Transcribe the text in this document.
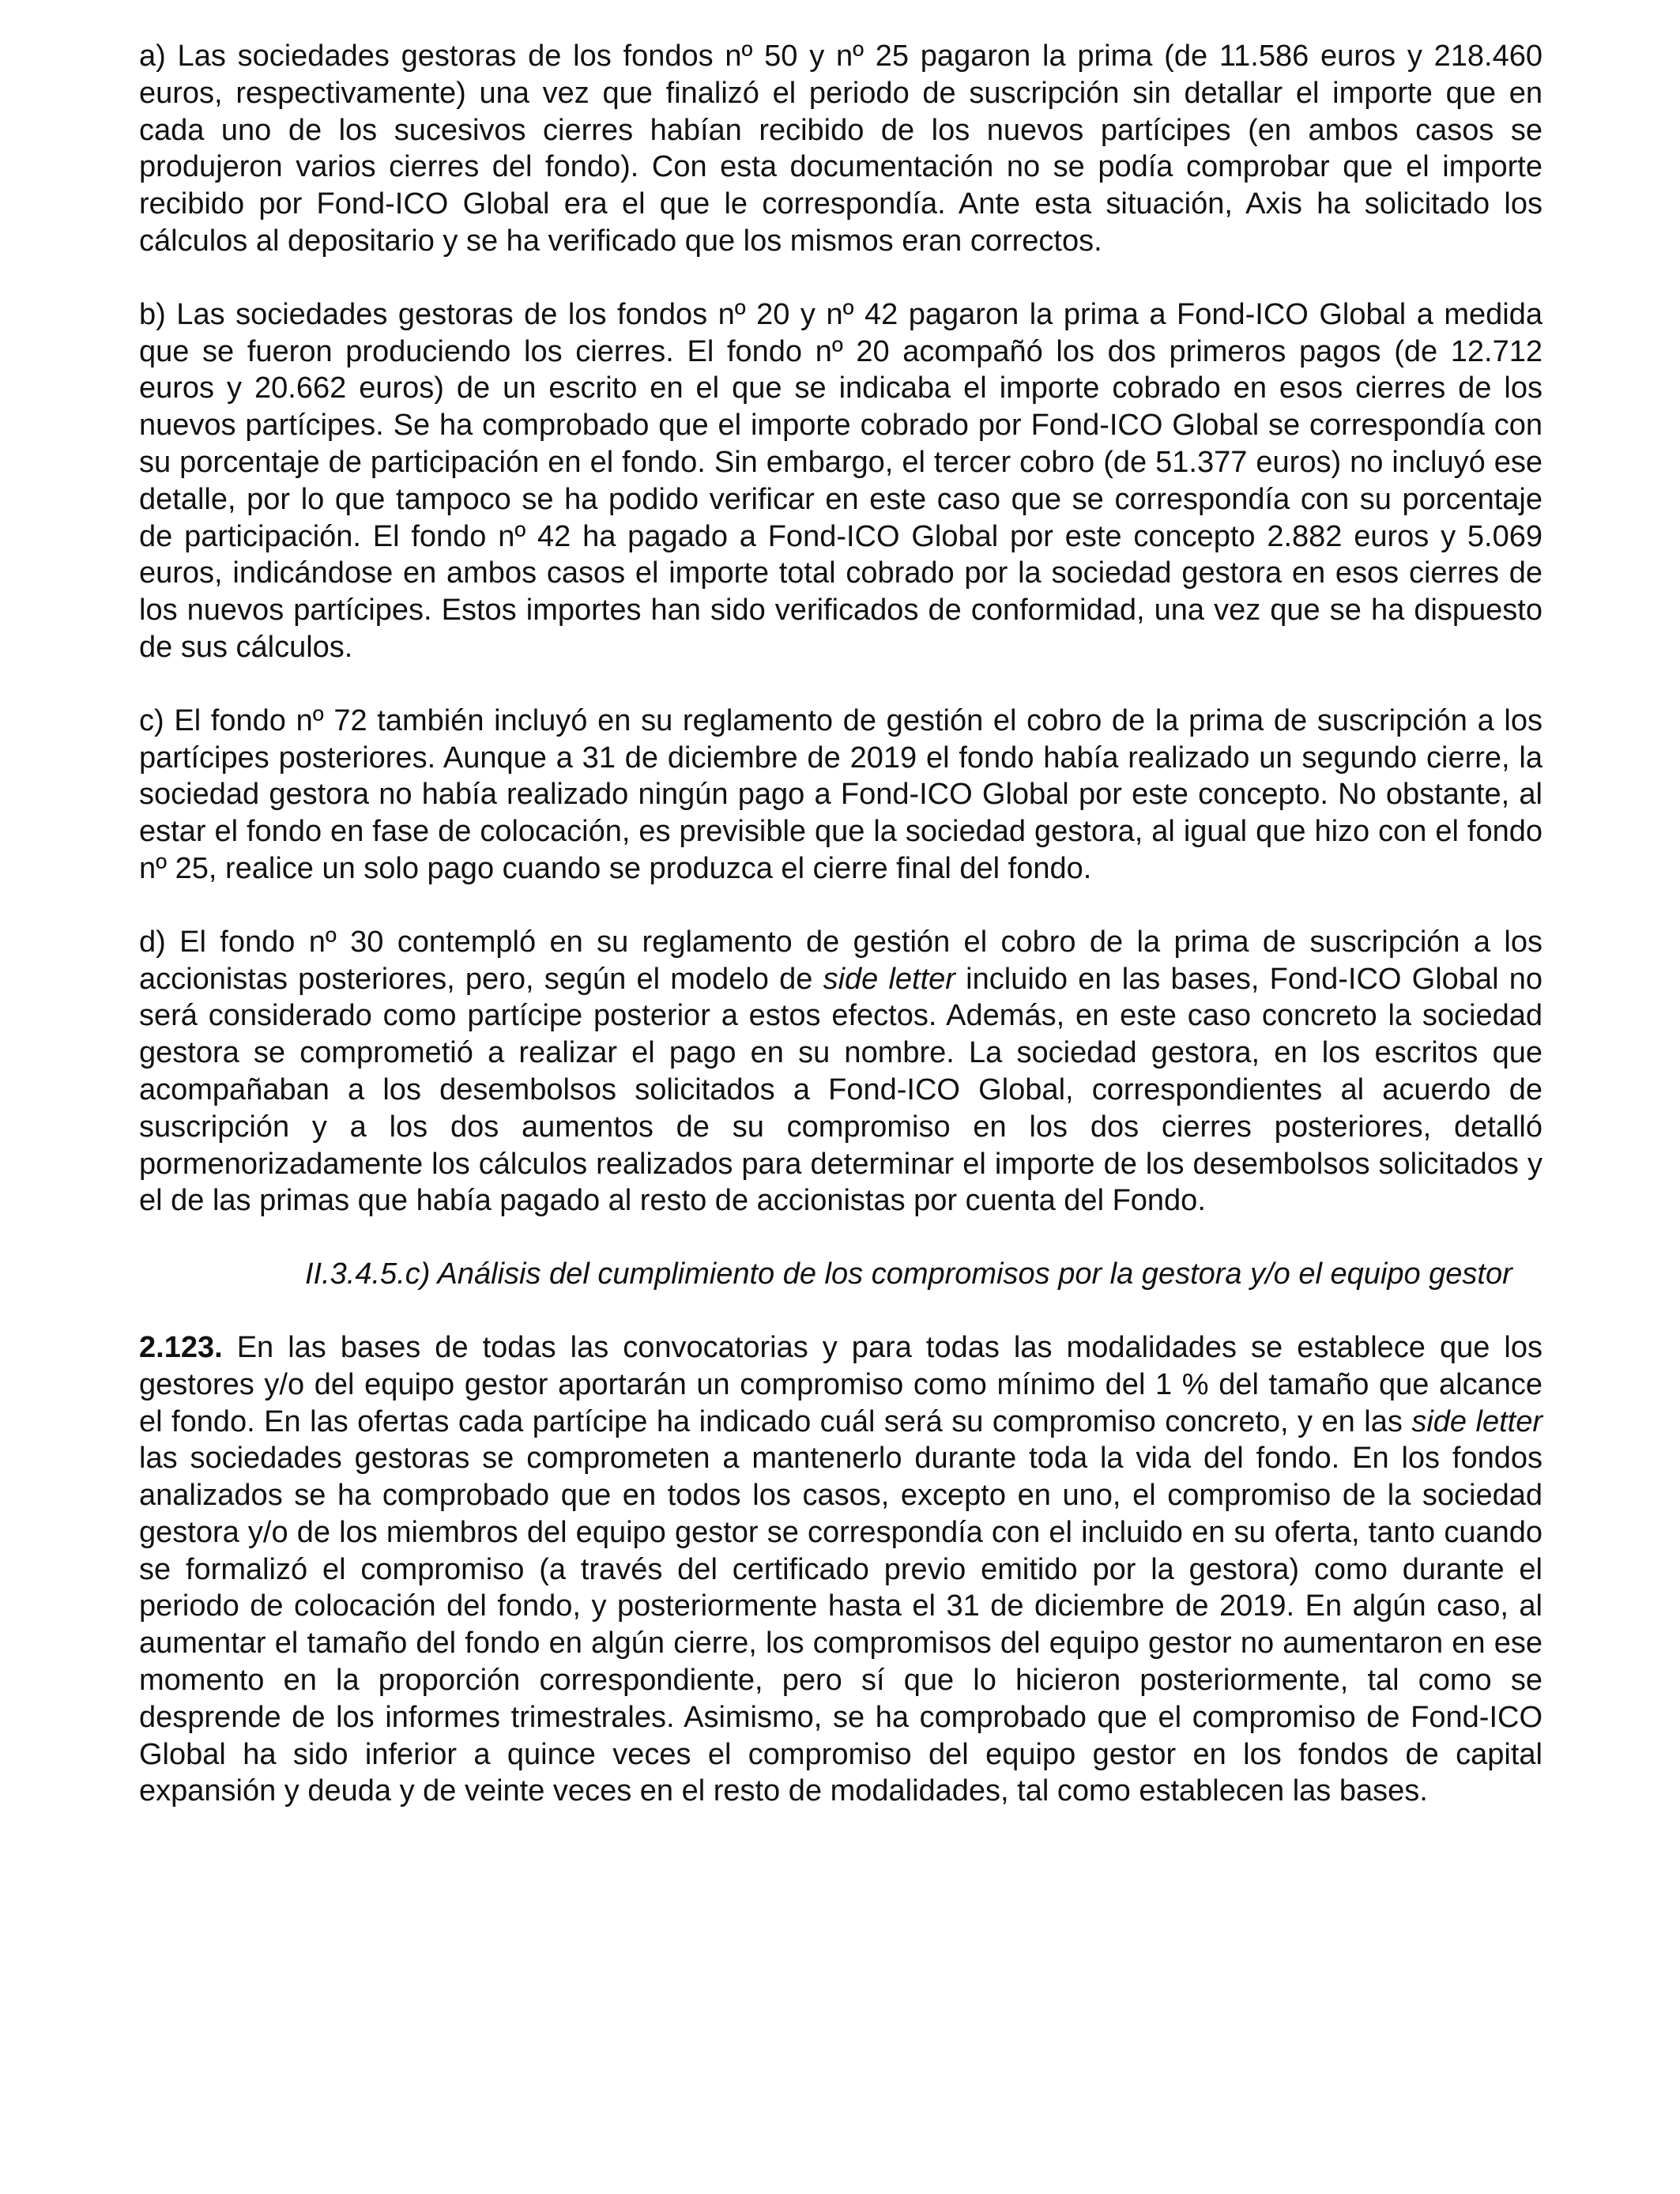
a) Las sociedades gestoras de los fondos nº 50 y nº 25 pagaron la prima (de 11.586 euros y 218.460 euros, respectivamente) una vez que finalizó el periodo de suscripción sin detallar el importe que en cada uno de los sucesivos cierres habían recibido de los nuevos partícipes (en ambos casos se produjeron varios cierres del fondo). Con esta documentación no se podía comprobar que el importe recibido por Fond-ICO Global era el que le correspondía. Ante esta situación, Axis ha solicitado los cálculos al depositario y se ha verificado que los mismos eran correctos.

b) Las sociedades gestoras de los fondos nº 20 y nº 42 pagaron la prima a Fond-ICO Global a medida que se fueron produciendo los cierres. El fondo nº 20 acompañó los dos primeros pagos (de 12.712 euros y 20.662 euros) de un escrito en el que se indicaba el importe cobrado en esos cierres de los nuevos partícipes. Se ha comprobado que el importe cobrado por Fond-ICO Global se correspondía con su porcentaje de participación en el fondo. Sin embargo, el tercer cobro (de 51.377 euros) no incluyó ese detalle, por lo que tampoco se ha podido verificar en este caso que se correspondía con su porcentaje de participación. El fondo nº 42 ha pagado a Fond-ICO Global por este concepto 2.882 euros y 5.069 euros, indicándose en ambos casos el importe total cobrado por la sociedad gestora en esos cierres de los nuevos partícipes. Estos importes han sido verificados de conformidad, una vez que se ha dispuesto de sus cálculos.

c) El fondo nº 72 también incluyó en su reglamento de gestión el cobro de la prima de suscripción a los partícipes posteriores. Aunque a 31 de diciembre de 2019 el fondo había realizado un segundo cierre, la sociedad gestora no había realizado ningún pago a Fond-ICO Global por este concepto. No obstante, al estar el fondo en fase de colocación, es previsible que la sociedad gestora, al igual que hizo con el fondo nº 25, realice un solo pago cuando se produzca el cierre final del fondo.

d) El fondo nº 30 contempló en su reglamento de gestión el cobro de la prima de suscripción a los accionistas posteriores, pero, según el modelo de side letter incluido en las bases, Fond-ICO Global no será considerado como partícipe posterior a estos efectos. Además, en este caso concreto la sociedad gestora se comprometió a realizar el pago en su nombre. La sociedad gestora, en los escritos que acompañaban a los desembolsos solicitados a Fond-ICO Global, correspondientes al acuerdo de suscripción y a los dos aumentos de su compromiso en los dos cierres posteriores, detalló pormenorizadamente los cálculos realizados para determinar el importe de los desembolsos solicitados y el de las primas que había pagado al resto de accionistas por cuenta del Fondo.

II.3.4.5.c) Análisis del cumplimiento de los compromisos por la gestora y/o el equipo gestor

2.123. En las bases de todas las convocatorias y para todas las modalidades se establece que los gestores y/o del equipo gestor aportarán un compromiso como mínimo del 1 % del tamaño que alcance el fondo. En las ofertas cada partícipe ha indicado cuál será su compromiso concreto, y en las side letter las sociedades gestoras se comprometen a mantenerlo durante toda la vida del fondo. En los fondos analizados se ha comprobado que en todos los casos, excepto en uno, el compromiso de la sociedad gestora y/o de los miembros del equipo gestor se correspondía con el incluido en su oferta, tanto cuando se formalizó el compromiso (a través del certificado previo emitido por la gestora) como durante el periodo de colocación del fondo, y posteriormente hasta el 31 de diciembre de 2019. En algún caso, al aumentar el tamaño del fondo en algún cierre, los compromisos del equipo gestor no aumentaron en ese momento en la proporción correspondiente, pero sí que lo hicieron posteriormente, tal como se desprende de los informes trimestrales. Asimismo, se ha comprobado que el compromiso de Fond-ICO Global ha sido inferior a quince veces el compromiso del equipo gestor en los fondos de capital expansión y deuda y de veinte veces en el resto de modalidades, tal como establecen las bases.
